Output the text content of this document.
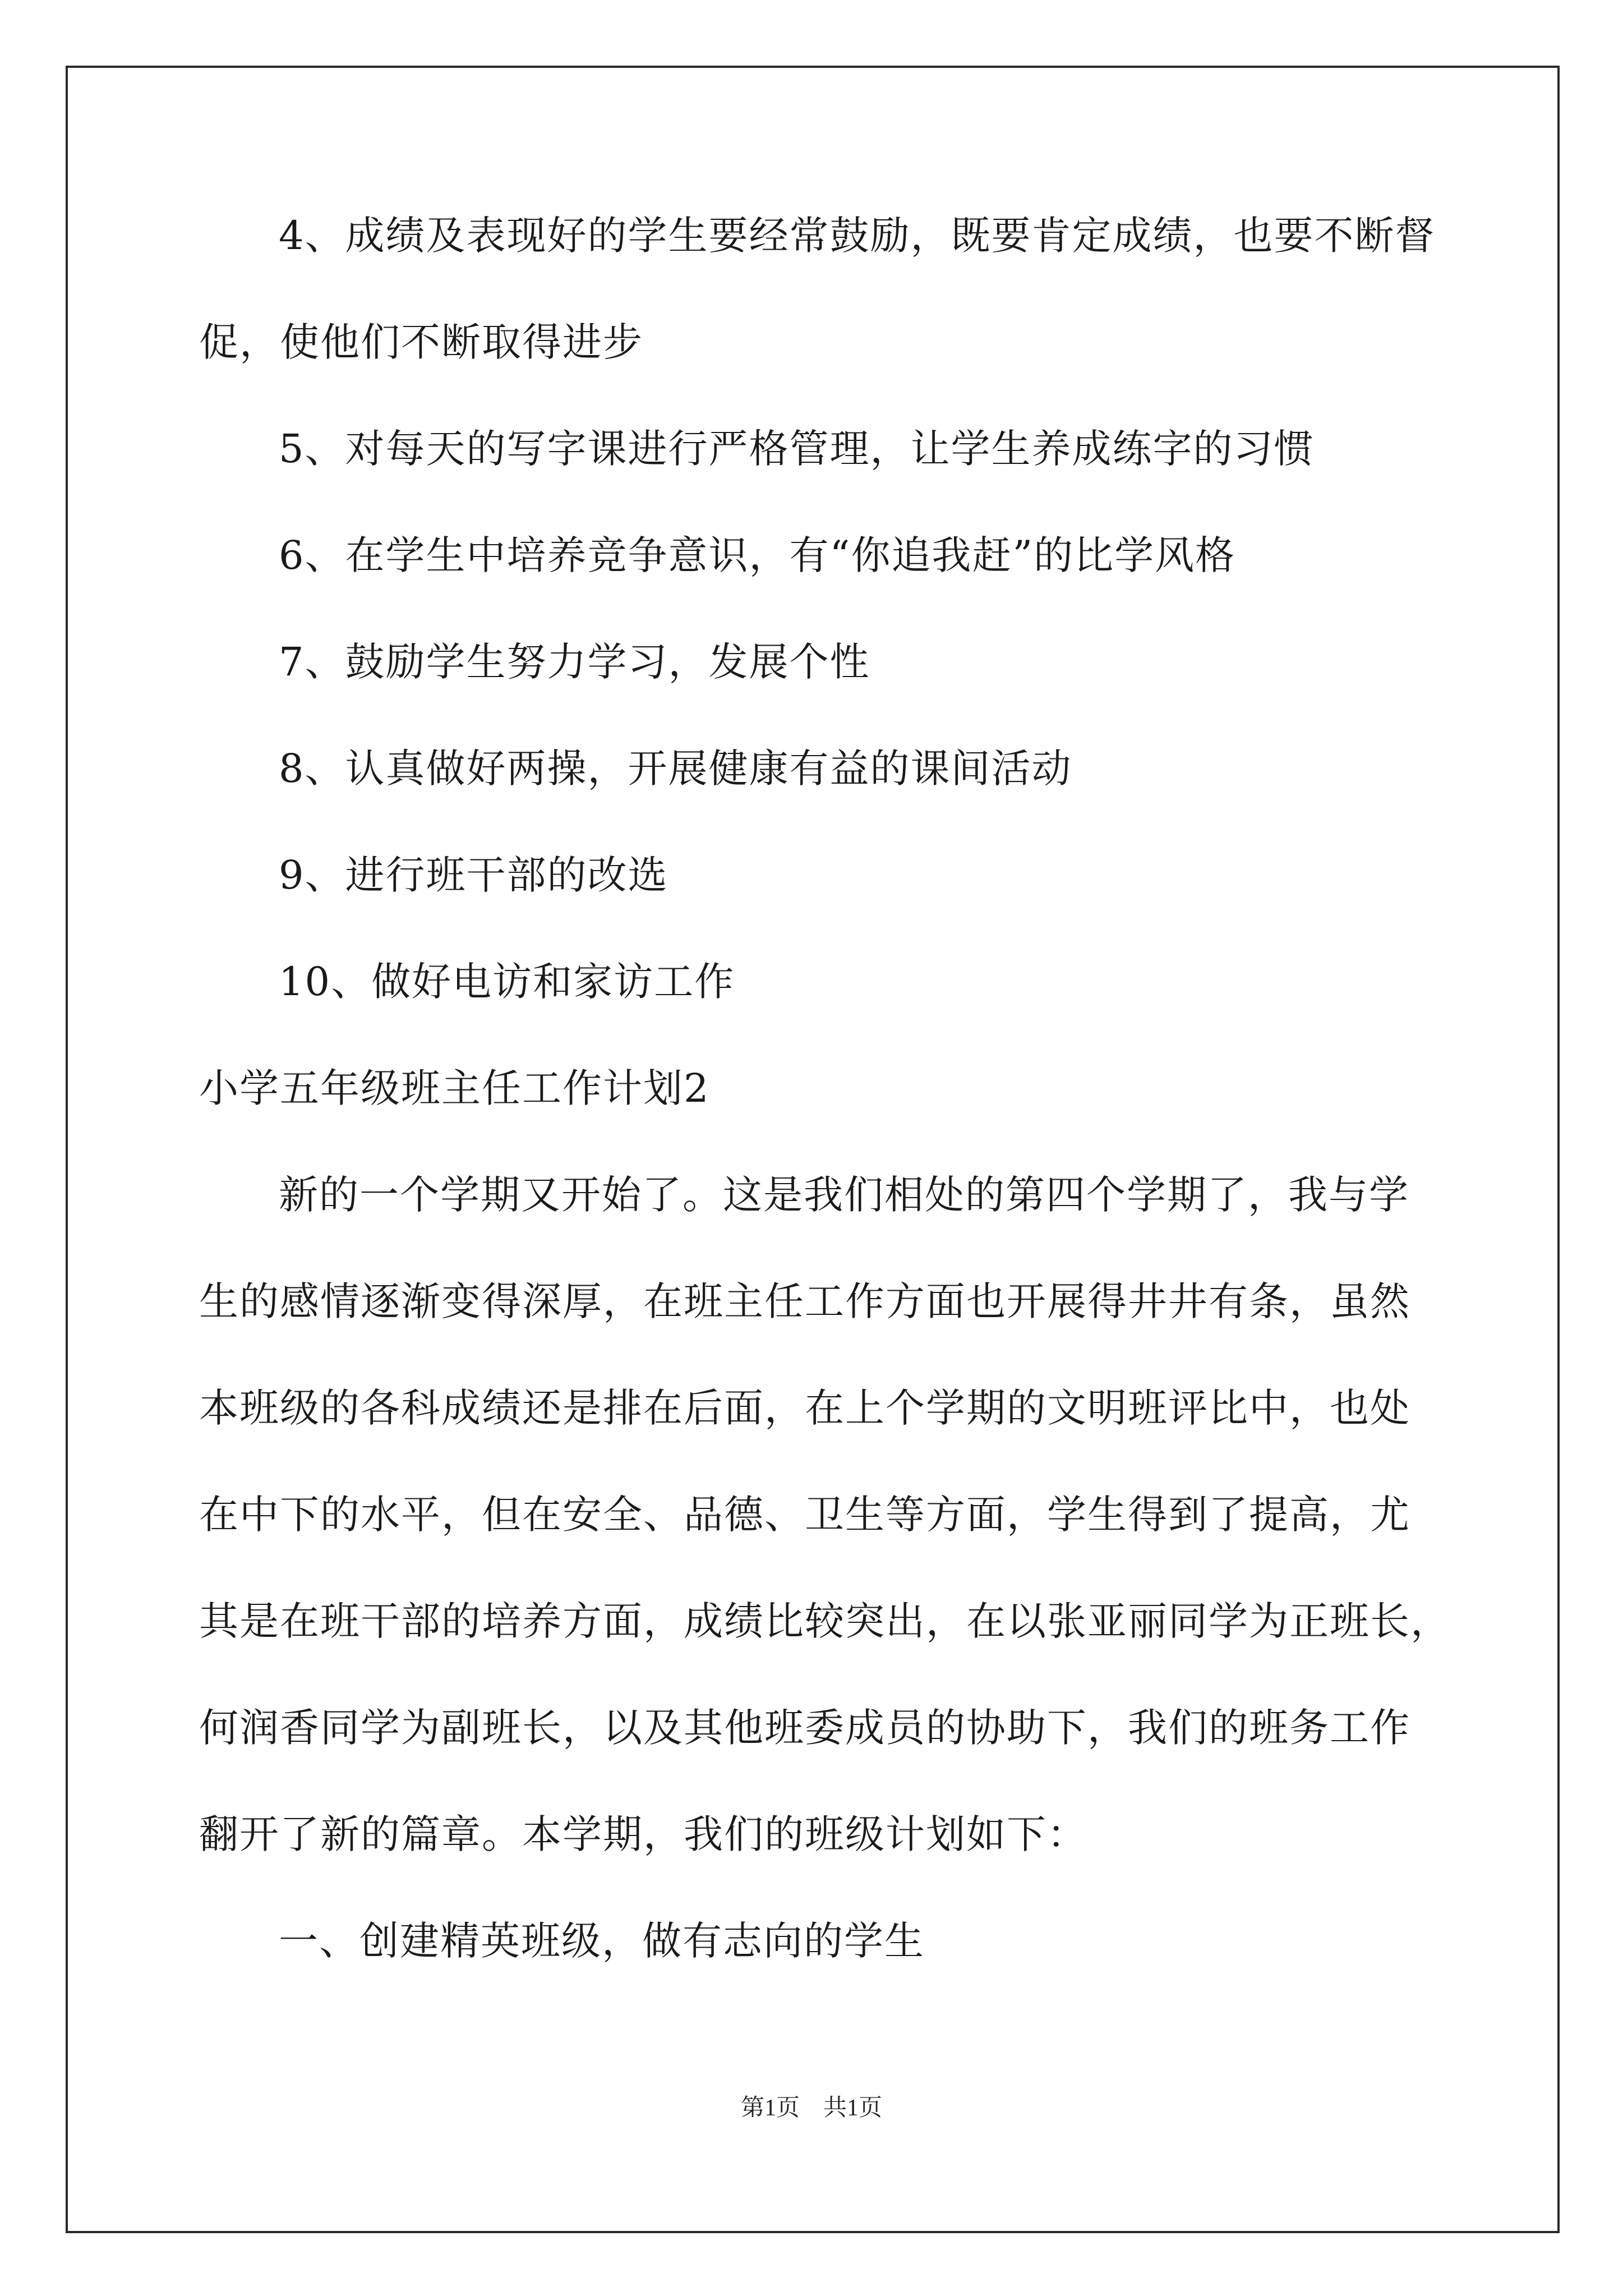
4、成绩及表现好的学生要经常鼓励，既要肯定成绩，也要不断督
促，使他们不断取得进步
5、对每天的写字课进行严格管理，让学生养成练字的习惯
6、在学生中培养竞争意识，有“你追我赶”的比学风格
7、鼓励学生努力学习，发展个性
8、认真做好两操，开展健康有益的课间活动
9、进行班干部的改选
10、做好电访和家访工作
小学五年级班主任工作计划2
新的一个学期又开始了。这是我们相处的第四个学期了，我与学
生的感情逐渐变得深厚，在班主任工作方面也开展得井井有条，虽然
本班级的各科成绩还是排在后面，在上个学期的文明班评比中，也处
在中下的水平，但在安全、品德、卫生等方面，学生得到了提高，尤
其是在班干部的培养方面，成绩比较突出，在以张亚丽同学为正班长，
何润香同学为副班长，以及其他班委成员的协助下，我们的班务工作
翻开了新的篇章。本学期，我们的班级计划如下：
一、创建精英班级，做有志向的学生
第1页　共1页
